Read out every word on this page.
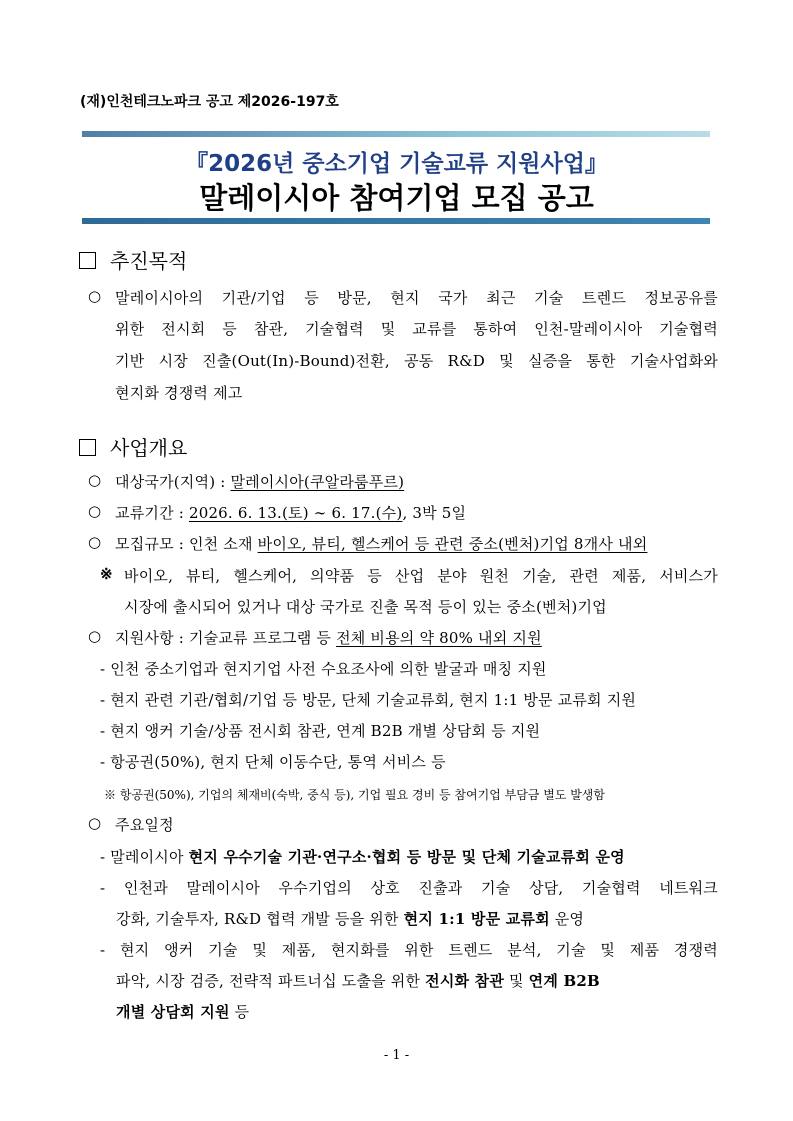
(재)인천테크노파크 공고 제2026-197호
『2026년 중소기업 기술교류 지원사업』
말레이시아 참여기업 모집 공고
추진목적
○ 말레이시아의 기관/기업 등 방문, 현지 국가 최근 기술 트렌드 정보공유를
위한 전시회 등 참관, 기술협력 및 교류를 통하여 인천-말레이시아 기술협력
기반 시장 진출(Out(In)-Bound)전환, 공동 R&D 및 실증을 통한 기술사업화와
현지화 경쟁력 제고
사업개요
○ 대상국가(지역) : 말레이시아(쿠알라룸푸르)
○ 교류기간 : 2026. 6. 13.(토) ∼ 6. 17.(수), 3박 5일
○ 모집규모 : 인천 소재 바이오, 뷰티, 헬스케어 등 관련 중소(벤처)기업 8개사 내외
※ 바이오, 뷰티, 헬스케어, 의약품 등 산업 분야 원천 기술, 관련 제품, 서비스가
시장에 출시되어 있거나 대상 국가로 진출 목적 등이 있는 중소(벤처)기업
○ 지원사항 : 기술교류 프로그램 등 전체 비용의 약 80% 내외 지원
- 인천 중소기업과 현지기업 사전 수요조사에 의한 발굴과 매칭 지원
- 현지 관련 기관/협회/기업 등 방문, 단체 기술교류회, 현지 1:1 방문 교류회 지원
- 현지 앵커 기술/상품 전시회 참관, 연계 B2B 개별 상담회 등 지원
- 항공권(50%), 현지 단체 이동수단, 통역 서비스 등
※ 항공권(50%), 기업의 체재비(숙박, 중식 등), 기업 필요 경비 등 참여기업 부담금 별도 발생함
○ 주요일정
- 말레이시아 현지 우수기술 기관·연구소·협회 등 방문 및 단체 기술교류회 운영
- 인천과 말레이시아 우수기업의 상호 진출과 기술 상담, 기술협력 네트워크
강화, 기술투자, R&D 협력 개발 등을 위한 현지 1:1 방문 교류회 운영
- 현지 앵커 기술 및 제품, 현지화를 위한 트렌드 분석, 기술 및 제품 경쟁력
파악, 시장 검증, 전략적 파트너십 도출을 위한 전시화 참관 및 연계 B2B
개별 상담회 지원 등
- 1 -
